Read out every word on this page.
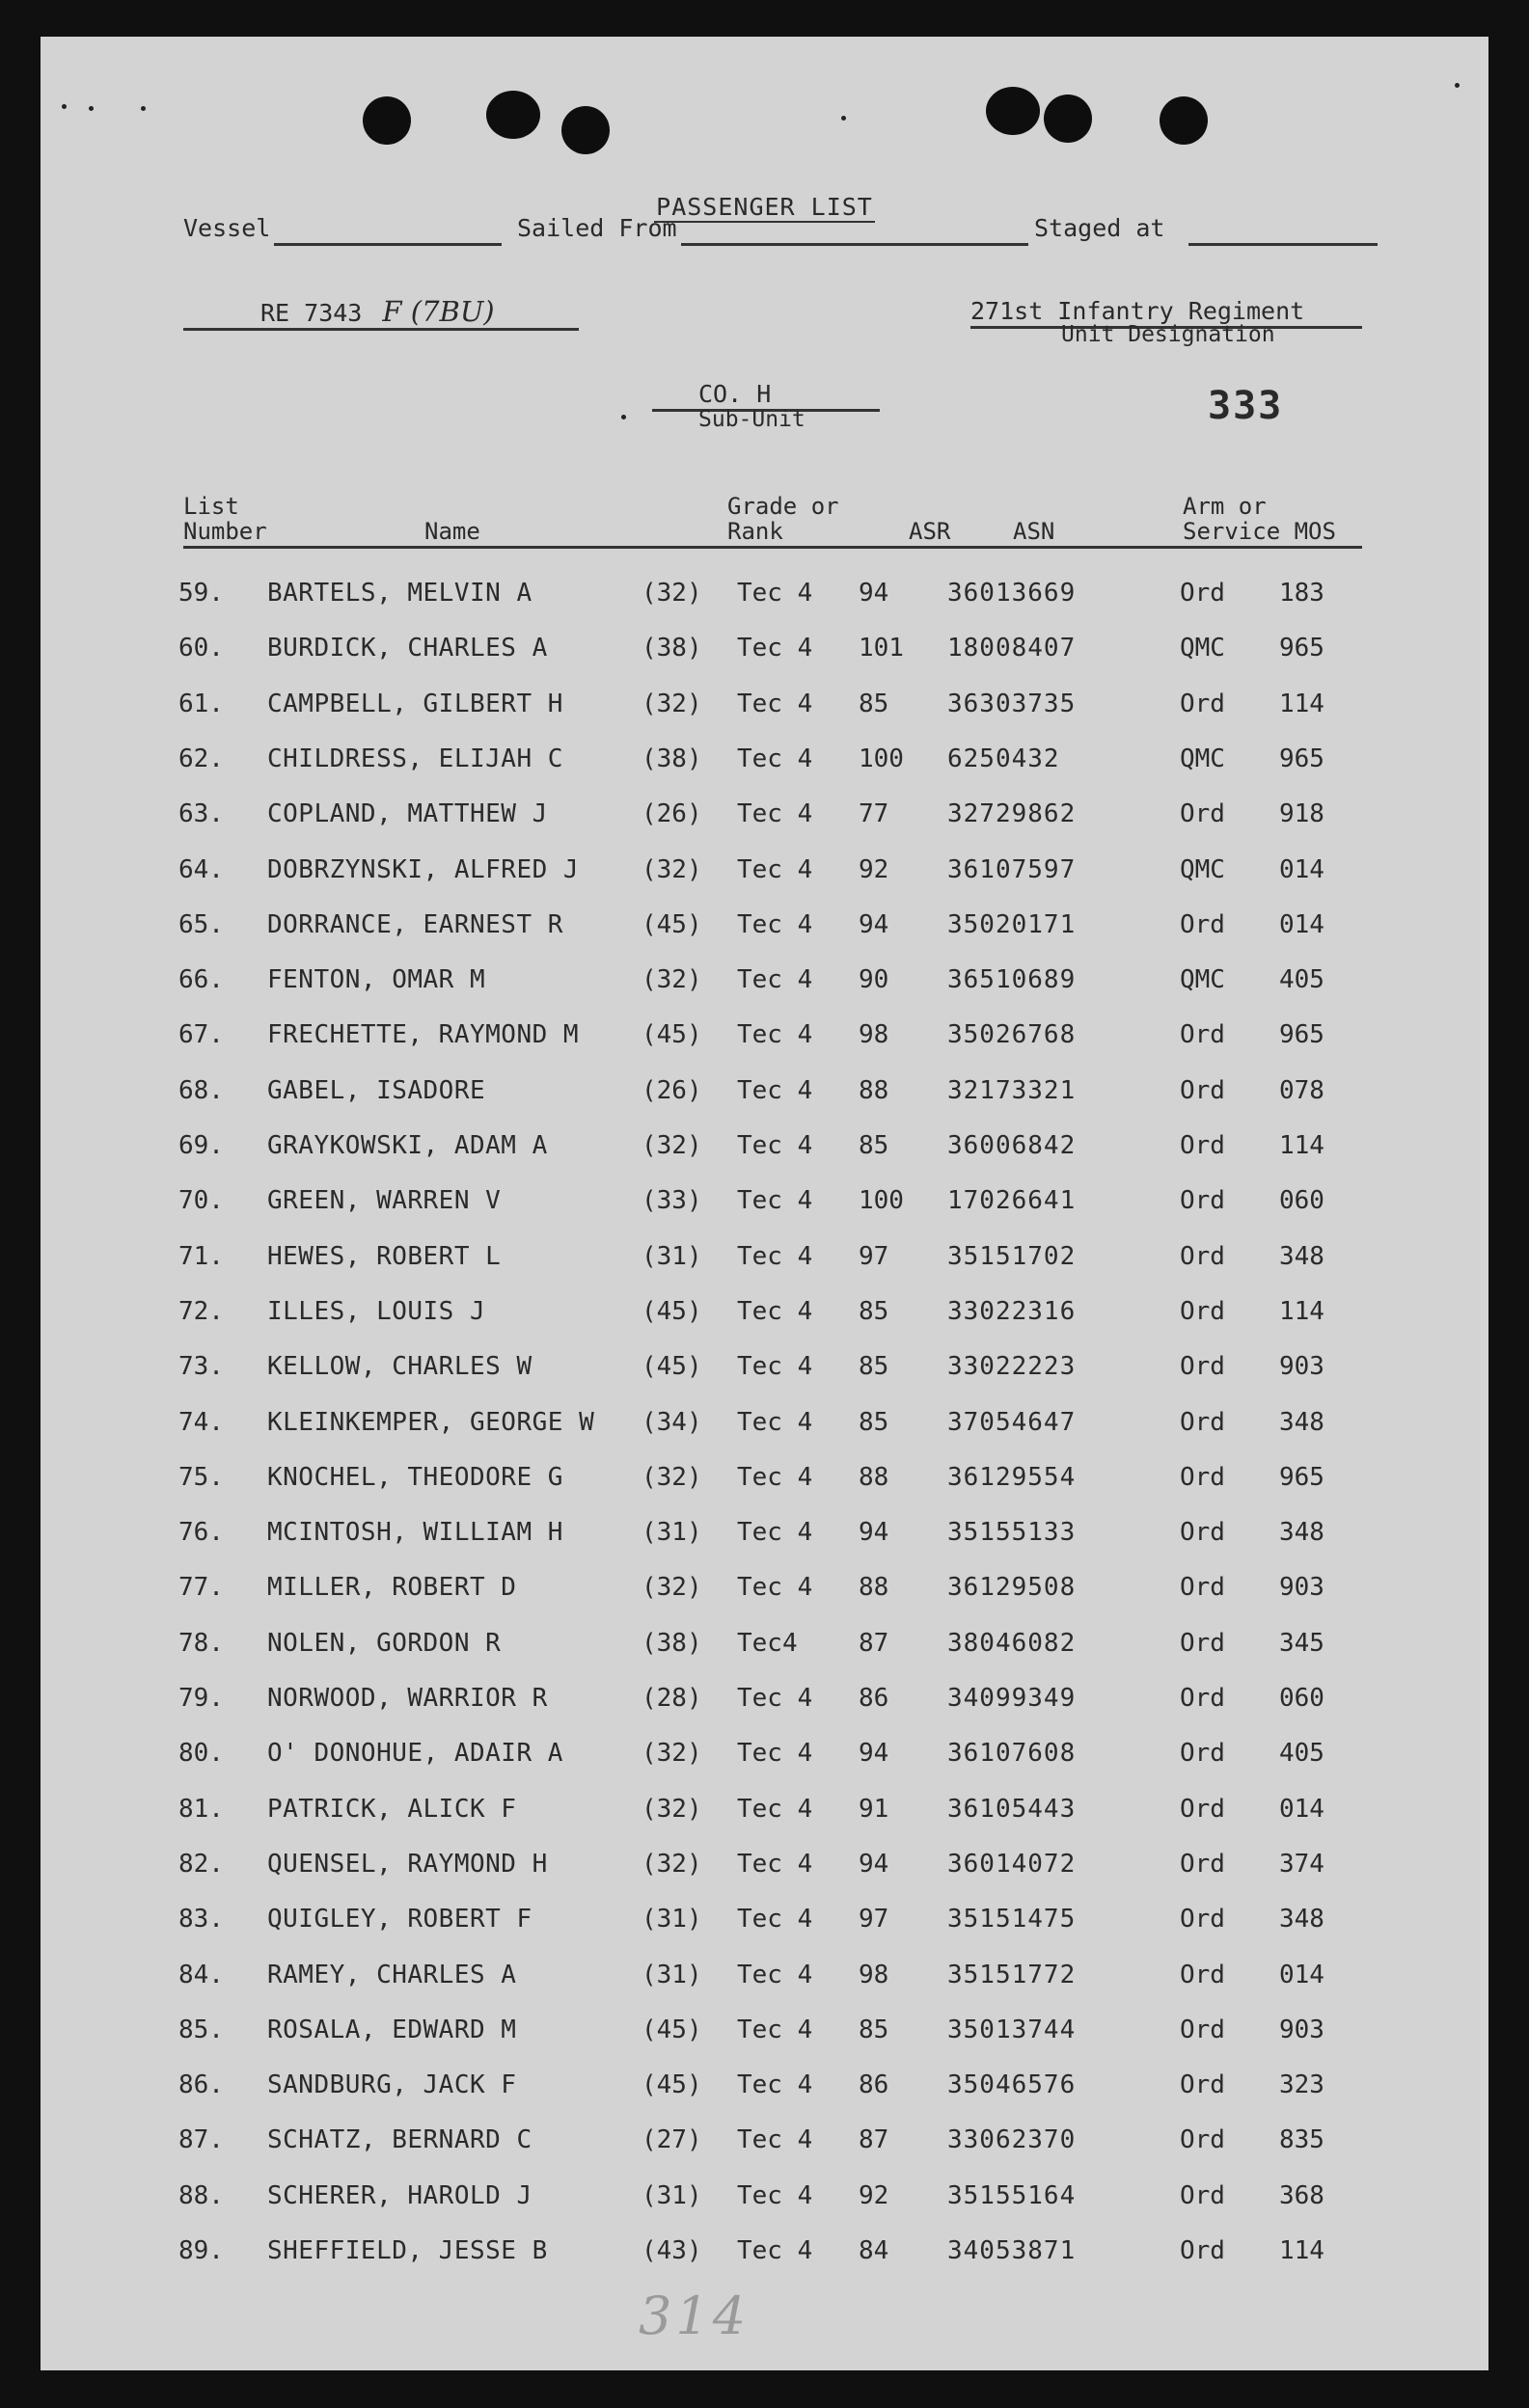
PASSENGER LIST
Vessel	Sailed From	Staged at
RE 7343 F (7BU)	271st Infantry Regiment
Unit Designation
CO. H
Sub-Unit	333
List
Number	Name
Grade or
Rank	ASR	ASN
Arm or
Service MOS
59. BARTELS, MELVIN A	(32) Tec 4 94 36013669	Ord 183
60. BURDICK, CHARLES A	(38) Tec 4 101 18008407	QMC 965
61. CAMPBELL, GILBERT H	(32) Tec 4 85 36303735	Ord 114
62. CHILDRESS, ELIJAH C	(38) Tec 4 100 6250432	QMC 965
63. COPLAND, MATTHEW J	(26) Tec 4 77 32729862	Ord 918
64. DOBRZYNSKI, ALFRED J (32) Tec 4 92 36107597	QMC 014
65. DORRANCE, EARNEST R	(45) Tec 4 94 35020171	Ord 014
66. FENTON, OMAR M	(32) Tec 4 90 36510689	QMC 405
67. FRECHETTE, RAYMOND M (45) Tec 4 98 35026768	Ord 965
68. GABEL, ISADORE	(26) Tec 4 88 32173321	Ord 078
69. GRAYKOWSKI, ADAM A	(32) Tec 4 85 36006842	Ord 114
70. GREEN, WARREN V	(33) Tec 4 100 17026641	Ord 060
71. HEWES, ROBERT L	(31) Tec 4 97 35151702	Ord 348
72. ILLES, LOUIS J	(45) Tec 4 85 33022316	Ord 114
73. KELLOW, CHARLES W	(45) Tec 4 85 33022223	Ord 903
74. KLEINKEMPER, GEORGE W (34) Tec 4 85 37054647	Ord 348
75. KNOCHEL, THEODORE G	(32) Tec 4 88 36129554	Ord 965
76. MCINTOSH, WILLIAM H	(31) Tec 4 94 35155133	Ord 348
77. MILLER, ROBERT D	(32) Tec 4 88 36129508	Ord 903
78. NOLEN, GORDON R	(38) Tec4 87 38046082	Ord 345
79. NORWOOD, WARRIOR R	(28) Tec 4 86 34099349	Ord 060
80. O' DONOHUE, ADAIR A	(32) Tec 4 94 36107608	Ord 405
81. PATRICK, ALICK F	(32) Tec 4 91 36105443	Ord 014
82. QUENSEL, RAYMOND H	(32) Tec 4 94 36014072	Ord 374
83. QUIGLEY, ROBERT F	(31) Tec 4 97 35151475	Ord 348
84. RAMEY, CHARLES A	(31) Tec 4 98 35151772	Ord 014
85. ROSALA, EDWARD M	(45) Tec 4 85 35013744	Ord 903
86. SANDBURG, JACK F	(45) Tec 4 86 35046576	Ord 323
87. SCHATZ, BERNARD C	(27) Tec 4 87 33062370	Ord 835
88. SCHERER, HAROLD J	(31) Tec 4 92 35155164	Ord 368
89. SHEFFIELD, JESSE B	(43) Tec 4 84 34053871	Ord 114
314
